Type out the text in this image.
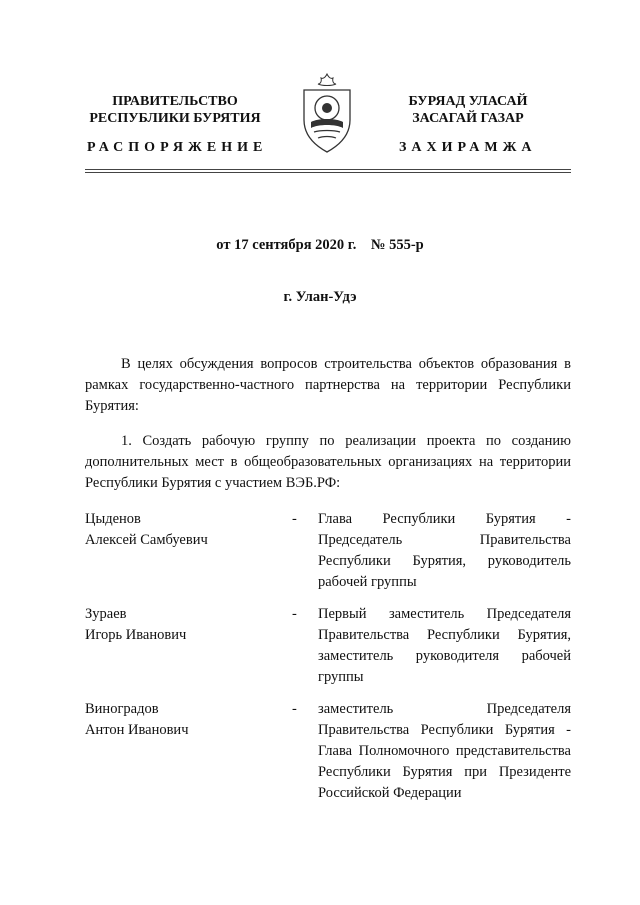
ПРАВИТЕЛЬСТВО
РЕСПУБЛИКИ БУРЯТИЯ
БУРЯАД УЛАСАЙ
ЗАСАГАЙ ГАЗАР
РАСПОРЯЖЕНИЕ	ЗАХИРАМЖА
от 17 сентября 2020 г.    № 555-р
г. Улан-Удэ
В целях обсуждения вопросов строительства объектов образования в рамках государственно-частного партнерства на территории Республики Бурятия:
1. Создать рабочую группу по реализации проекта по созданию дополнительных мест в общеобразовательных организациях на территории Республики Бурятия с участием ВЭБ.РФ:
Цыденов
Алексей Самбуевич
- Глава Республики Бурятия - Председатель Правительства Республики Бурятия, руководитель рабочей группы
Зураев
Игорь Иванович
- Первый заместитель Председателя Правительства Республики Бурятия, заместитель руководителя рабочей группы
Виноградов
Антон Иванович
- заместитель Председателя Правительства Республики Бурятия - Глава Полномочного представительства Республики Бурятия при Президенте Российской Федерации
